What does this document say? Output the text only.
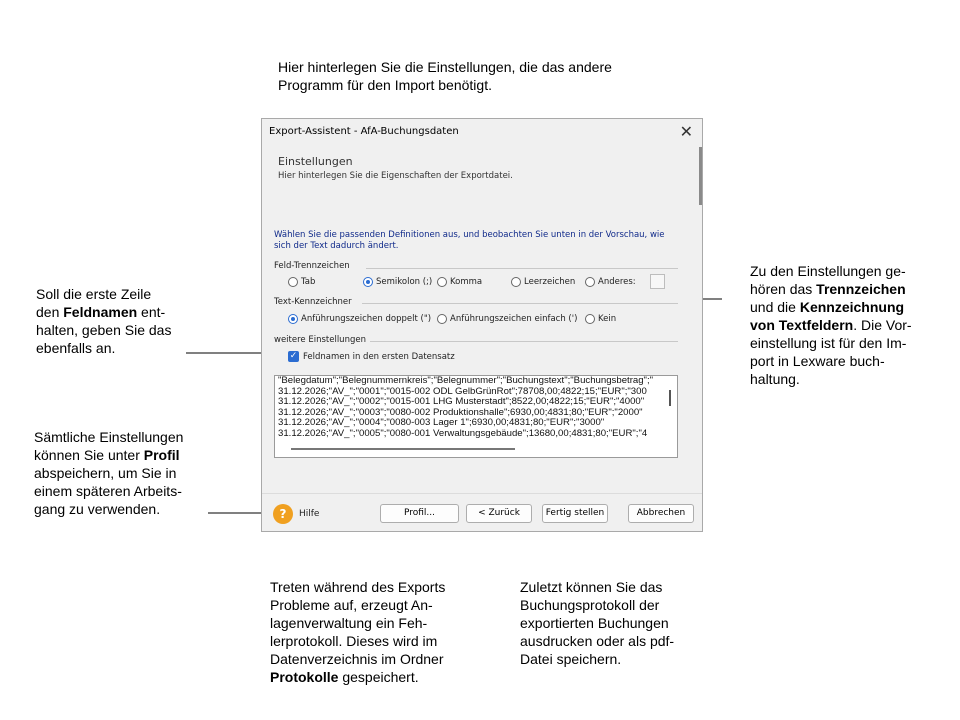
Hier hinterlegen Sie die Einstellungen, die das andere
Programm für den Import benötigt.
Soll die erste Zeile
den Feldnamen ent-
halten, geben Sie das
ebenfalls an.
Sämtliche Einstellungen
können Sie unter Profil
abspeichern, um Sie in
einem späteren Arbeits-
gang zu verwenden.
Zu den Einstellungen ge-
hören das Trennzeichen
und die Kennzeichnung
von Textfeldern. Die Vor-
einstellung ist für den Im-
port in Lexware buch-
haltung.
Treten während des Exports
Probleme auf, erzeugt An-
lagenverwaltung ein Feh-
lerprotokoll. Dieses wird im
Datenverzeichnis im Ordner
Protokolle gespeichert.
Zuletzt können Sie das
Buchungsprotokoll der
exportierten Buchungen
ausdrucken oder als pdf-
Datei speichern.
Export-Assistent - AfA-Buchungsdaten	✕
Einstellungen
Hier hinterlegen Sie die Eigenschaften der Exportdatei.
Wählen Sie die passenden Definitionen aus, und beobachten Sie unten in der Vorschau, wie sich der Text dadurch ändert.
Feld-Trennzeichen
Tab	Semikolon (;) Komma	Leerzeichen	Anderes:
Text-Kennzeichner
Anführungszeichen doppelt (") Anführungszeichen einfach (') Kein
weitere Einstellungen
✓ Feldnamen in den ersten Datensatz
"Belegdatum";"Belegnummernkreis";"Belegnummer";"Buchungstext";"Buchungsbetrag";"
31.12.2026;"AV_";"0001";"0015-002 ODL GelbGrünRot";78708,00;4822;15;"EUR";"300
31.12.2026;"AV_";"0002";"0015-001 LHG Musterstadt";8522,00;4822;15;"EUR";"4000"
31.12.2026;"AV_";"0003";"0080-002 Produktionshalle";6930,00;4831;80;"EUR";"2000"
31.12.2026;"AV_";"0004";"0080-003 Lager 1";6930,00;4831;80;"EUR";"3000"
31.12.2026;"AV_";"0005";"0080-001 Verwaltungsgebäude";13680,00;4831;80;"EUR";"4
?	Hilfe	Profil...	< Zurück	Fertig stellen	Abbrechen
